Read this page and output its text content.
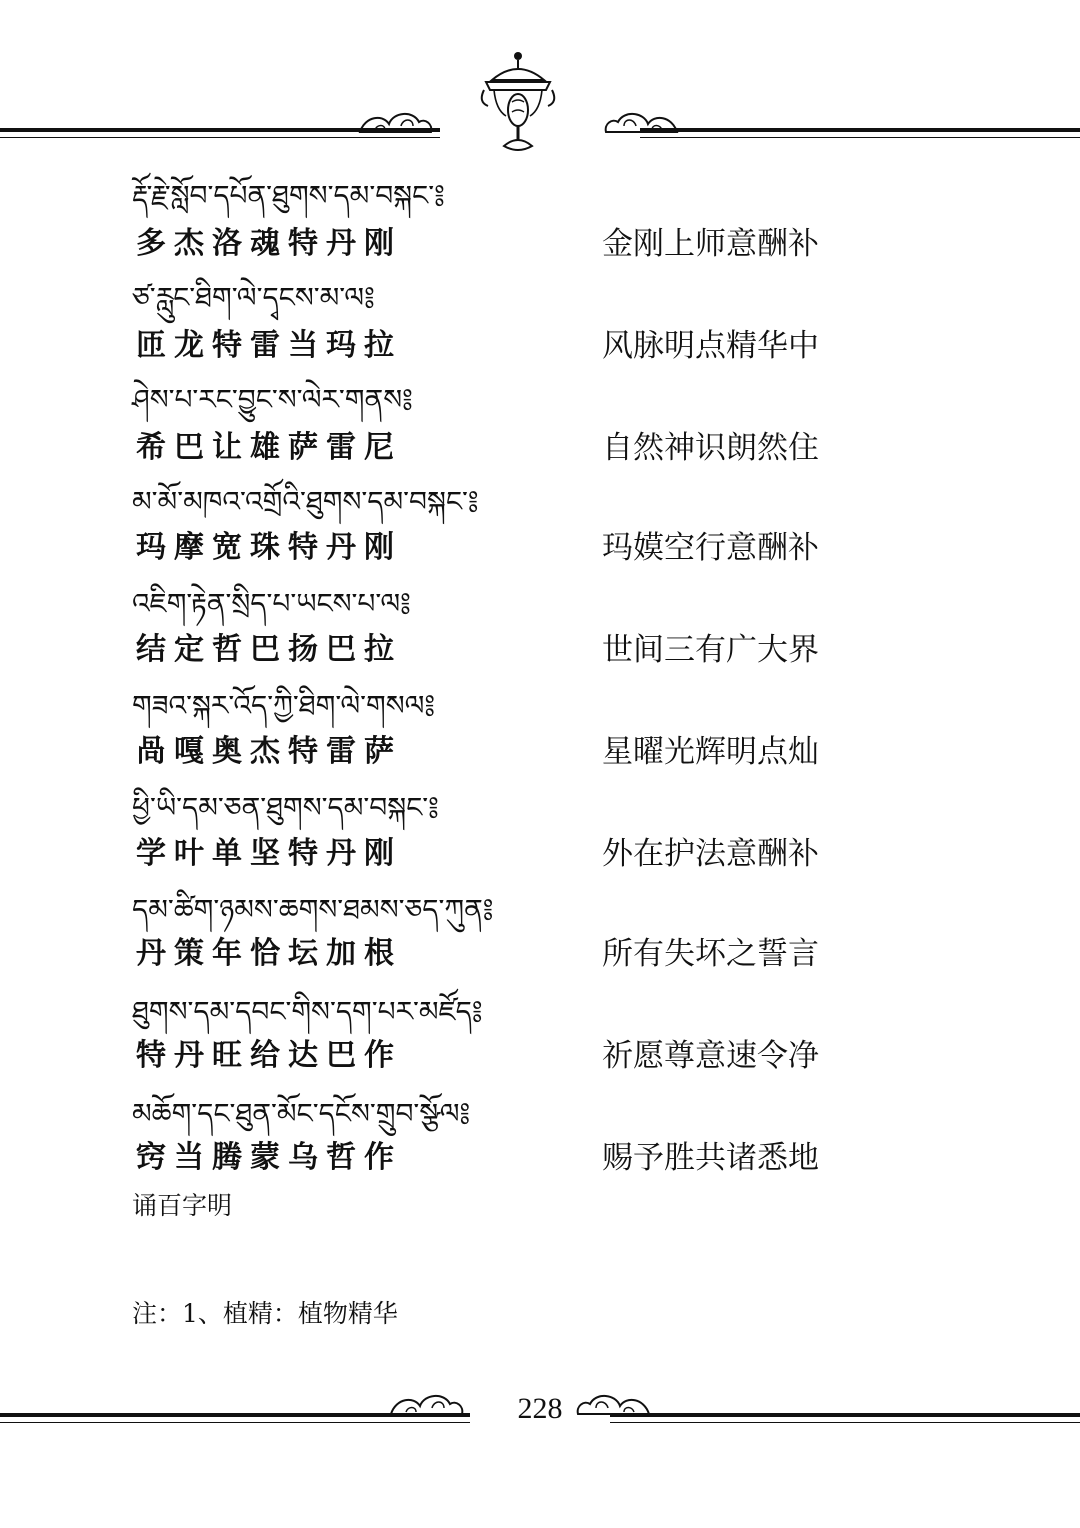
རྡོ་རྗེ་སློབ་དཔོན་ཐུགས་དམ་བསྐང་༔
多杰洛魂特丹刚	金刚上师意酬补
ཙ་རླུང་ཐིག་ལེ་དྭངས་མ་ལ༔
匝龙特雷当玛拉	风脉明点精华中
ཤེས་པ་རང་བྱུང་ས་ལེར་གནས༔
希巴让雄萨雷尼	自然神识朗然住
མ་མོ་མཁའ་འགྲོའི་ཐུགས་དམ་བསྐང་༔
玛摩宽珠特丹刚	玛嫫空行意酬补
འཇིག་རྟེན་སྲིད་པ་ཡངས་པ་ལ༔
结定哲巴扬巴拉	世间三有广大界
གཟའ་སྐར་འོད་ཀྱི་ཐིག་ལེ་གསལ༔
咼嘎奥杰特雷萨	星曜光辉明点灿
ཕྱི་ཡི་དམ་ཅན་ཐུགས་དམ་བསྐང་༔
学叶单坚特丹刚	外在护法意酬补
དམ་ཚིག་ཉམས་ཆགས་ཐམས་ཅད་ཀུན༔
丹策年恰坛加根	所有失坏之誓言
ཐུགས་དམ་དབང་གིས་དག་པར་མཛོད༔
特丹旺给达巴作	祈愿尊意速令净
མཆོག་དང་ཐུན་མོང་དངོས་གྲུབ་སྩོལ༔
窍当腾蒙乌哲作	赐予胜共诸悉地
诵百字明
注：1、植精：植物精华
228
